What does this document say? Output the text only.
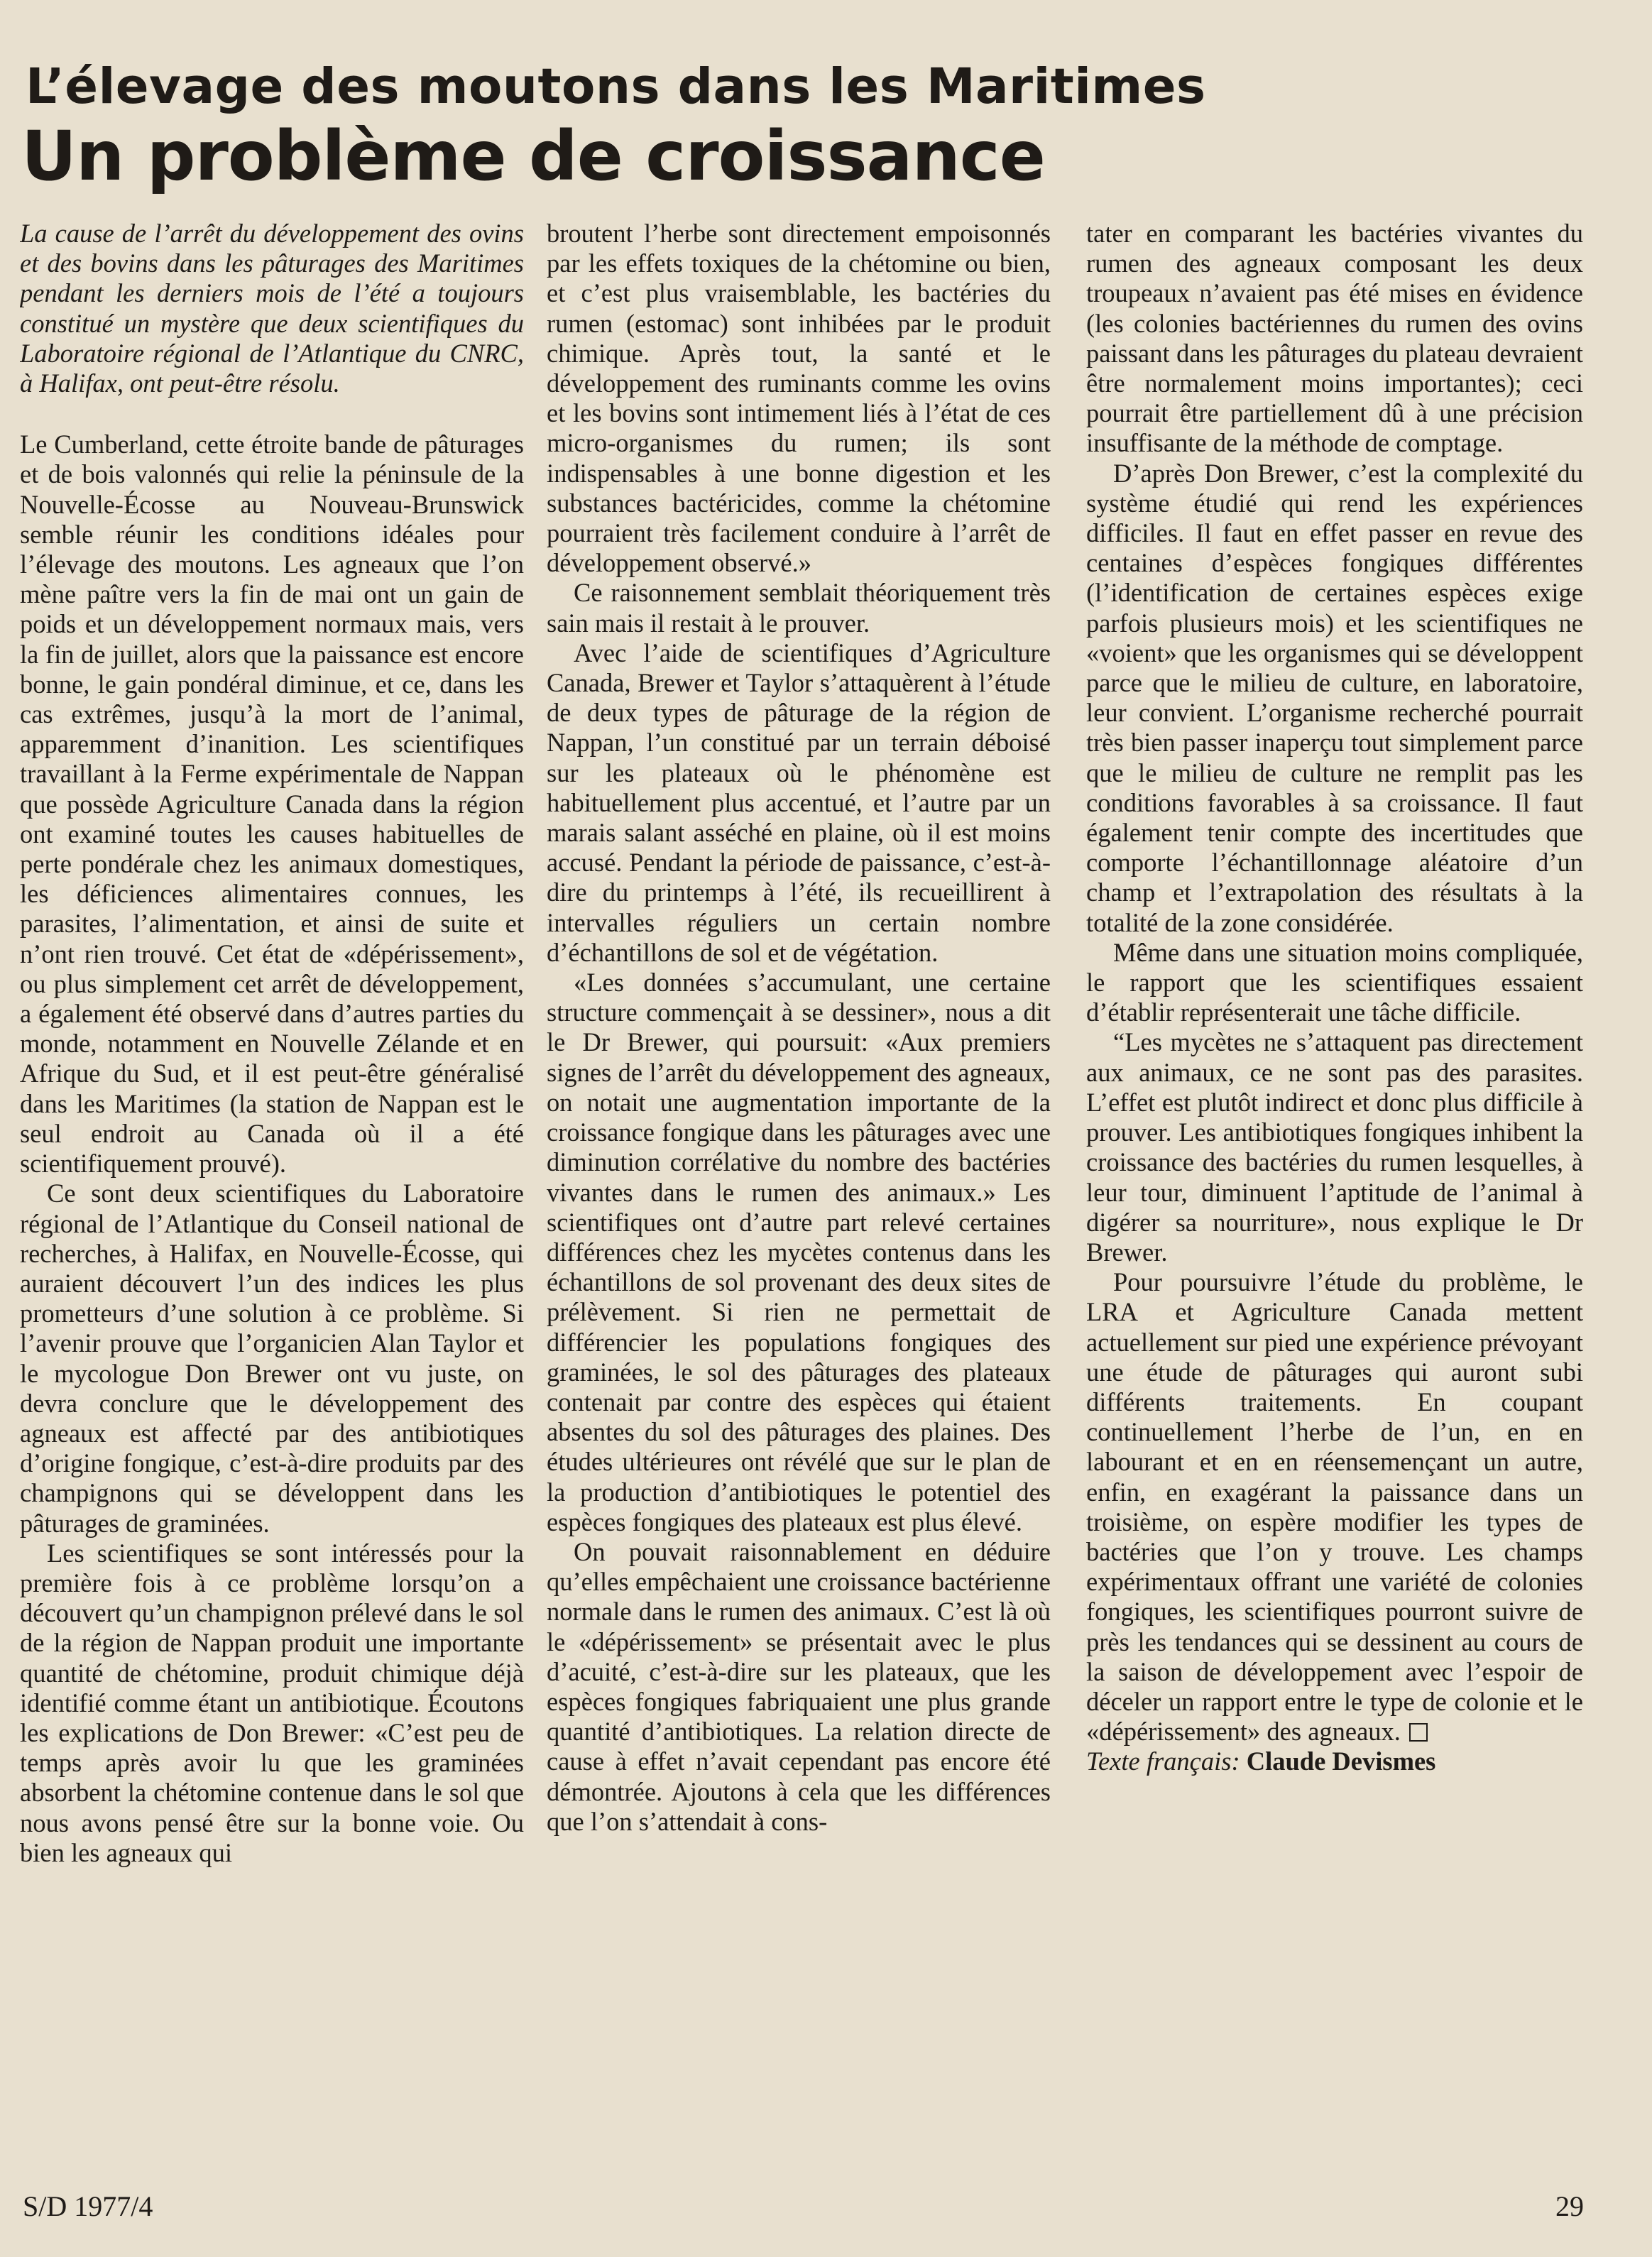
L’élevage des moutons dans les Maritimes
Un problème de croissance

La cause de l’arrêt du développement des ovins et des bovins dans les pâturages des Maritimes pendant les derniers mois de l’été a toujours constitué un mystère que deux scientifiques du Laboratoire régional de l’Atlantique du CNRC, à Halifax, ont peut-être résolu.

Le Cumberland, cette étroite bande de pâturages et de bois valonnés qui relie la péninsule de la Nouvelle-Écosse au Nouveau-Brunswick semble réunir les conditions idéales pour l’élevage des moutons. Les agneaux que l’on mène paître vers la fin de mai ont un gain de poids et un développement normaux mais, vers la fin de juillet, alors que la paissance est encore bonne, le gain pondéral diminue, et ce, dans les cas extrêmes, jusqu’à la mort de l’animal, apparemment d’inanition. Les scientifiques travaillant à la Ferme expérimentale de Nappan que possède Agriculture Canada dans la région ont examiné toutes les causes habituelles de perte pondérale chez les animaux domestiques, les déficiences alimentaires connues, les parasites, l’alimentation, et ainsi de suite et n’ont rien trouvé. Cet état de «dépérissement», ou plus simplement cet arrêt de développement, a également été observé dans d’autres parties du monde, notamment en Nouvelle Zélande et en Afrique du Sud, et il est peut-être généralisé dans les Maritimes (la station de Nappan est le seul endroit au Canada où il a été scientifiquement prouvé).

Ce sont deux scientifiques du Laboratoire régional de l’Atlantique du Conseil national de recherches, à Halifax, en Nouvelle-Écosse, qui auraient découvert l’un des indices les plus prometteurs d’une solution à ce problème. Si l’avenir prouve que l’organicien Alan Taylor et le mycologue Don Brewer ont vu juste, on devra conclure que le développement des agneaux est affecté par des antibiotiques d’origine fongique, c’est-à-dire produits par des champignons qui se développent dans les pâturages de graminées.

Les scientifiques se sont intéressés pour la première fois à ce problème lorsqu’on a découvert qu’un champignon prélevé dans le sol de la région de Nappan produit une importante quantité de chétomine, produit chimique déjà identifié comme étant un antibiotique. Écoutons les explications de Don Brewer: «C’est peu de temps après avoir lu que les graminées absorbent la chétomine contenue dans le sol que nous avons pensé être sur la bonne voie. Ou bien les agneaux qui

broutent l’herbe sont directement empoisonnés par les effets toxiques de la chétomine ou bien, et c’est plus vraisemblable, les bactéries du rumen (estomac) sont inhibées par le produit chimique. Après tout, la santé et le développement des ruminants comme les ovins et les bovins sont intimement liés à l’état de ces micro-organismes du rumen; ils sont indispensables à une bonne digestion et les substances bactéricides, comme la chétomine pourraient très facilement conduire à l’arrêt de développement observé.»

Ce raisonnement semblait théoriquement très sain mais il restait à le prouver.

Avec l’aide de scientifiques d’Agriculture Canada, Brewer et Taylor s’attaquèrent à l’étude de deux types de pâturage de la région de Nappan, l’un constitué par un terrain déboisé sur les plateaux où le phénomène est habituellement plus accentué, et l’autre par un marais salant asséché en plaine, où il est moins accusé. Pendant la période de paissance, c’est-à-dire du printemps à l’été, ils recueillirent à intervalles réguliers un certain nombre d’échantillons de sol et de végétation.

«Les données s’accumulant, une certaine structure commençait à se dessiner», nous a dit le Dr Brewer, qui poursuit: «Aux premiers signes de l’arrêt du développement des agneaux, on notait une augmentation importante de la croissance fongique dans les pâturages avec une diminution corrélative du nombre des bactéries vivantes dans le rumen des animaux.» Les scientifiques ont d’autre part relevé certaines différences chez les mycètes contenus dans les échantillons de sol provenant des deux sites de prélèvement. Si rien ne permettait de différencier les populations fongiques des graminées, le sol des pâturages des plateaux contenait par contre des espèces qui étaient absentes du sol des pâturages des plaines. Des études ultérieures ont révélé que sur le plan de la production d’antibiotiques le potentiel des espèces fongiques des plateaux est plus élevé.

On pouvait raisonnablement en déduire qu’elles empêchaient une croissance bactérienne normale dans le rumen des animaux. C’est là où le «dépérissement» se présentait avec le plus d’acuité, c’est-à-dire sur les plateaux, que les espèces fongiques fabriquaient une plus grande quantité d’antibiotiques. La relation directe de cause à effet n’avait cependant pas encore été démontrée. Ajoutons à cela que les différences que l’on s’attendait à cons-

tater en comparant les bactéries vivantes du rumen des agneaux composant les deux troupeaux n’avaient pas été mises en évidence (les colonies bactériennes du rumen des ovins paissant dans les pâturages du plateau devraient être normalement moins importantes); ceci pourrait être partiellement dû à une précision insuffisante de la méthode de comptage.

D’après Don Brewer, c’est la complexité du système étudié qui rend les expériences difficiles. Il faut en effet passer en revue des centaines d’espèces fongiques différentes (l’identification de certaines espèces exige parfois plusieurs mois) et les scientifiques ne «voient» que les organismes qui se développent parce que le milieu de culture, en laboratoire, leur convient. L’organisme recherché pourrait très bien passer inaperçu tout simplement parce que le milieu de culture ne remplit pas les conditions favorables à sa croissance. Il faut également tenir compte des incertitudes que comporte l’échantillonnage aléatoire d’un champ et l’extrapolation des résultats à la totalité de la zone considérée.

Même dans une situation moins compliquée, le rapport que les scientifiques essaient d’établir représenterait une tâche difficile.

“Les mycètes ne s’attaquent pas directement aux animaux, ce ne sont pas des parasites. L’effet est plutôt indirect et donc plus difficile à prouver. Les antibiotiques fongiques inhibent la croissance des bactéries du rumen lesquelles, à leur tour, diminuent l’aptitude de l’animal à digérer sa nourriture», nous explique le Dr Brewer.

Pour poursuivre l’étude du problème, le LRA et Agriculture Canada mettent actuellement sur pied une expérience prévoyant une étude de pâturages qui auront subi différents traitements. En coupant continuellement l’herbe de l’un, en en labourant et en en réensemençant un autre, enfin, en exagérant la paissance dans un troisième, on espère modifier les types de bactéries que l’on y trouve. Les champs expérimentaux offrant une variété de colonies fongiques, les scientifiques pourront suivre de près les tendances qui se dessinent au cours de la saison de développement avec l’espoir de déceler un rapport entre le type de colonie et le «dépérissement» des agneaux.

Texte français: Claude Devismes

S/D 1977/4	29
